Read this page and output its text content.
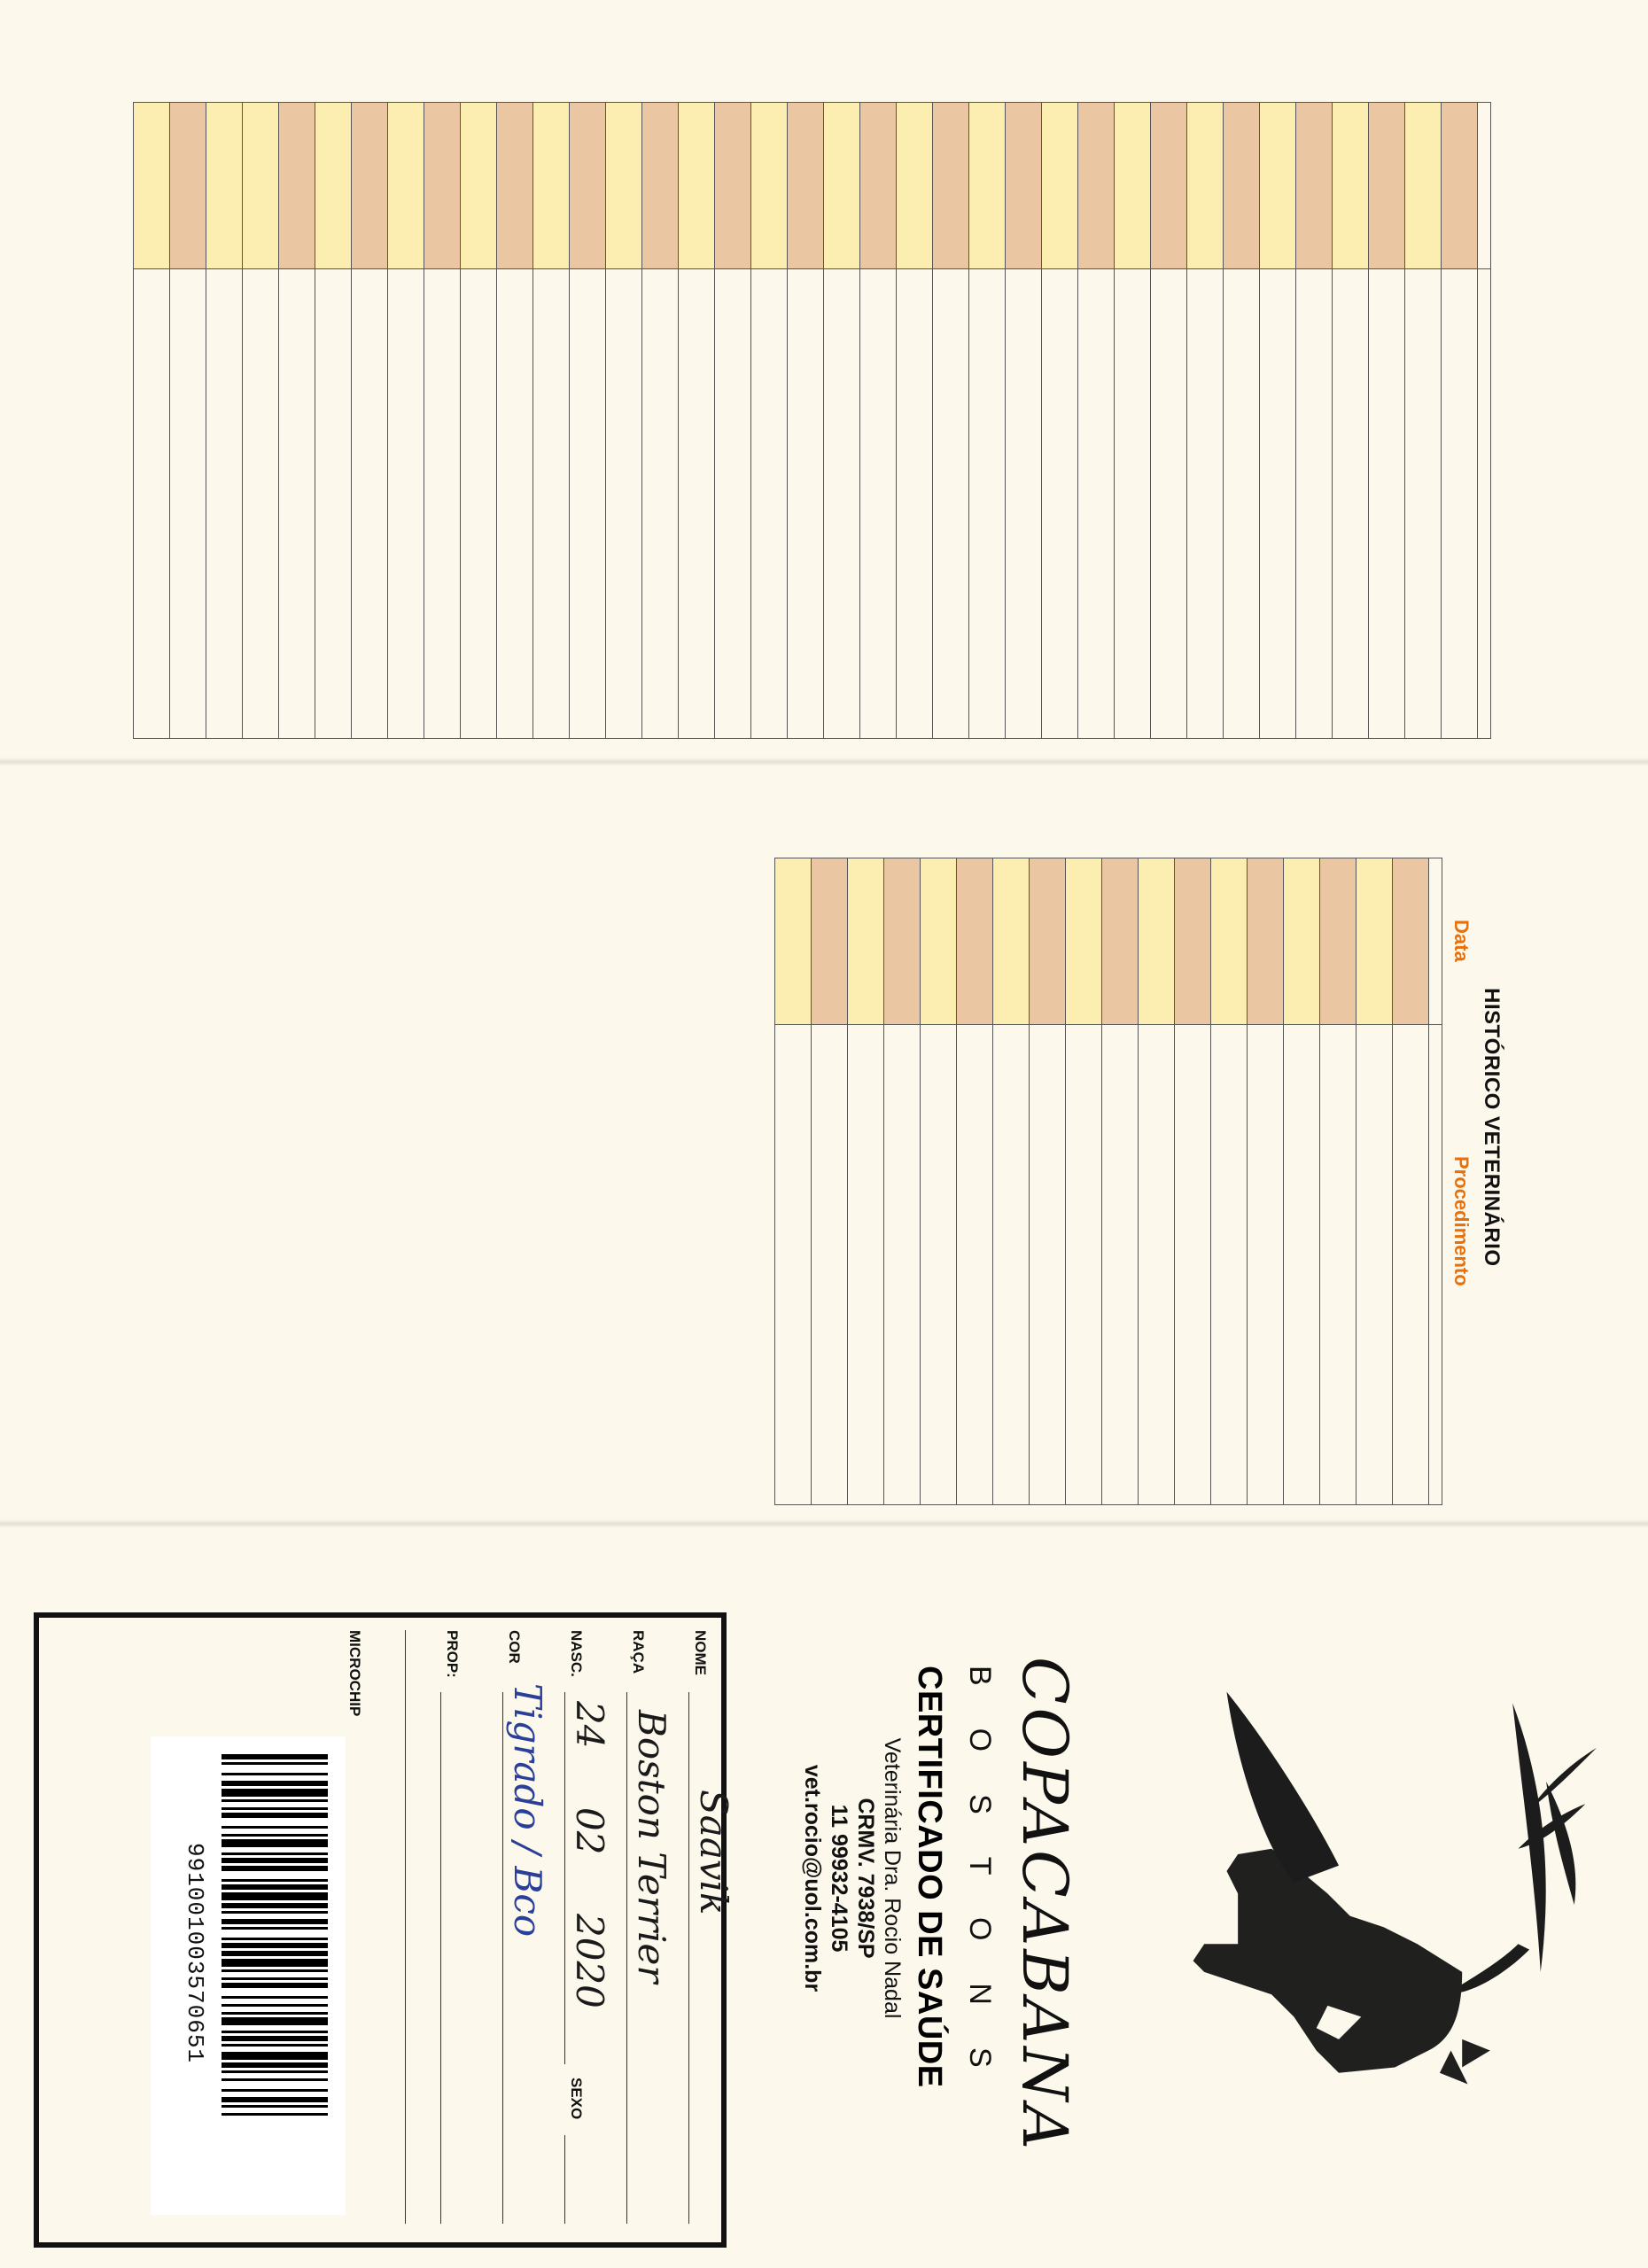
HISTÓRICO VETERINÁRIO
Data
Procedimento

COPACABANA
BOSTONS
CERTIFICADO DE SAÚDE
Veterinária Dra. Rocio Nadal
CRMV. 7938/SP
11 99932-4105
vet.rocio@uol.com.br
NOME
Saavik
RAÇA
Boston Terrier
NASC.
24
02
2020
SEXO
COR
Tigrado / Bco
PROP:
MICROCHIP
991001003570651
